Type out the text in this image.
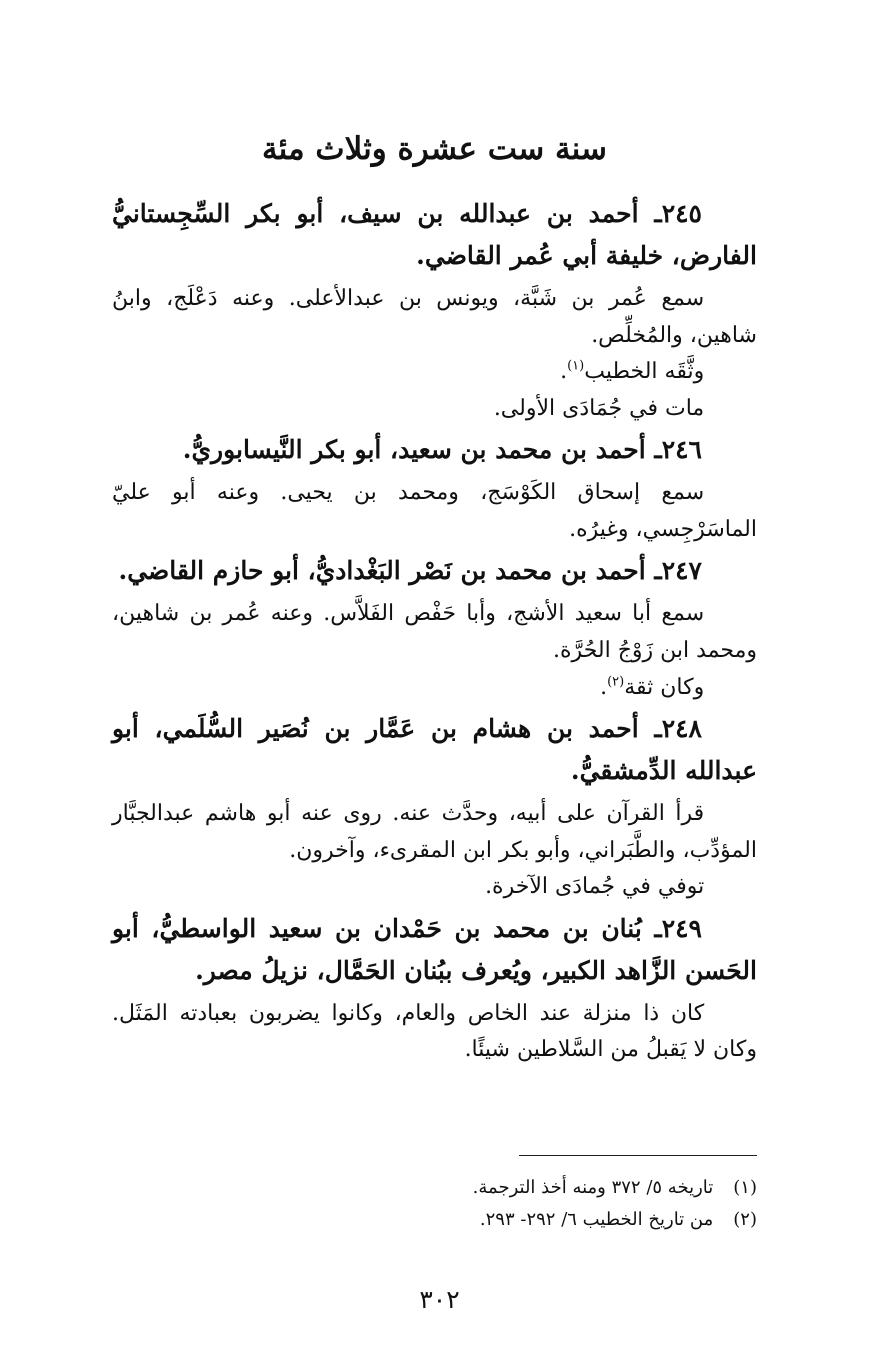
سنة ست عشرة وثلاث مئة

٢٤٥ـ أحمد بن عبدالله بن سيف، أبو بكر السِّجِستانيُّ الفارض، خليفة أبي عُمر القاضي.

سمع عُمر بن شَبَّة، ويونس بن عبدالأعلى. وعنه دَعْلَج، وابنُ شاهين، والمُخلِّص.

وثَّقَه الخطيب$^{(١)}$.

مات في جُمَادَى الأولى.

٢٤٦ـ أحمد بن محمد بن سعيد، أبو بكر النَّيسابوريُّ.

سمع إسحاق الكَوْسَج، ومحمد بن يحيى. وعنه أبو عليّ الماسَرْجِسي، وغيرُه.

٢٤٧ـ أحمد بن محمد بن نَصْر البَغْداديُّ، أبو حازم القاضي.

سمع أبا سعيد الأشج، وأبا حَفْص الفَلاَّس. وعنه عُمر بن شاهين، ومحمد ابن زَوْجُ الحُرَّة.

وكان ثقة$^{(٢)}$.

٢٤٨ـ أحمد بن هشام بن عَمَّار بن نُصَير السُّلَمي، أبو عبدالله الدِّمشقيُّ.

قرأ القرآن على أبيه، وحدَّث عنه. روى عنه أبو هاشم عبدالجبَّار المؤدِّب، والطَّبَراني، وأبو بكر ابن المقرىء، وآخرون.

توفي في جُمادَى الآخرة.

٢٤٩ـ بُنان بن محمد بن حَمْدان بن سعيد الواسطيُّ، أبو الحَسن الزَّاهد الكبير، ويُعرف ببُنان الحَمَّال، نزيلُ مصر.

كان ذا منزلة عند الخاص والعام، وكانوا يضربون بعبادته المَثَل. وكان لا يَقبلُ من السَّلاطين شيئًا.

(١)تاريخه ٥/ ٣٧٢ ومنه أخذ الترجمة.
(٢)من تاريخ الخطيب ٦/ ٢٩٢- ٢٩٣.
٣٠٢
